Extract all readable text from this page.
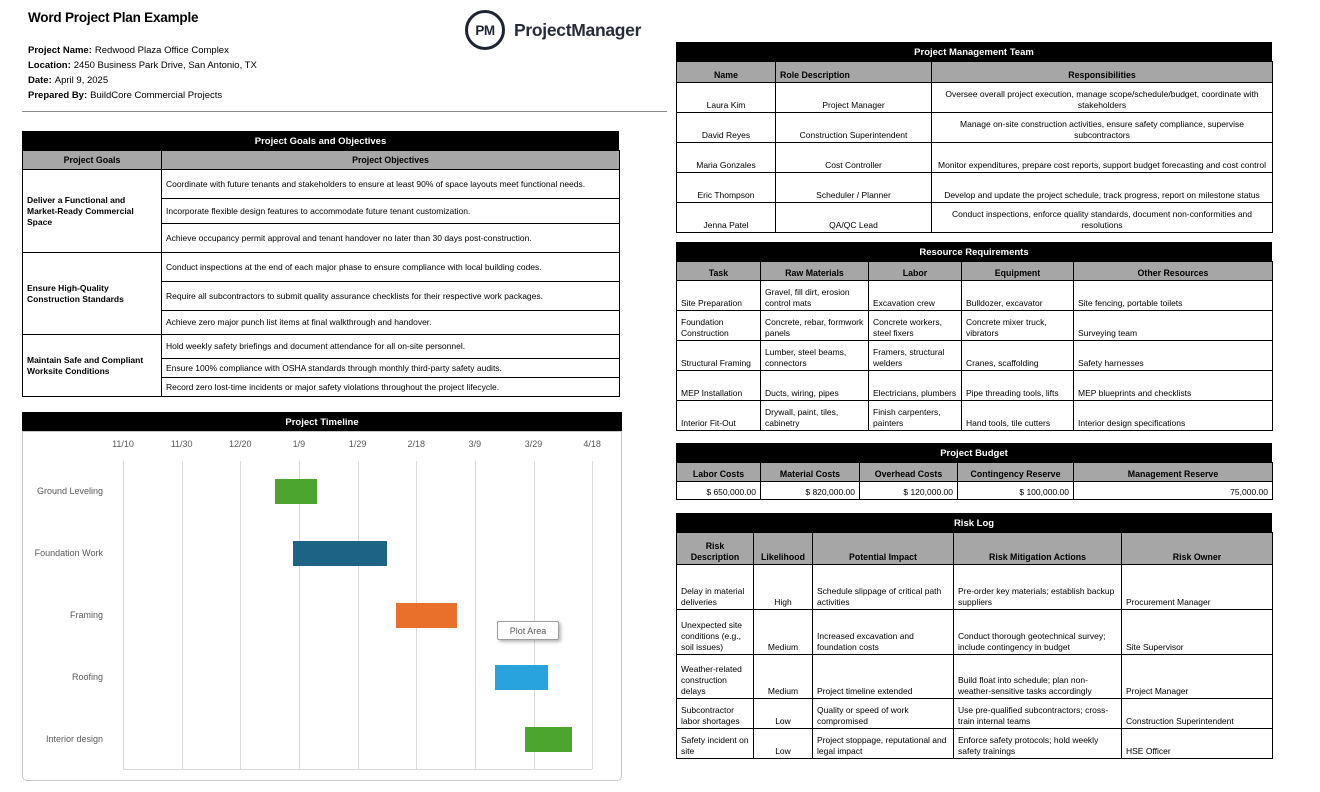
Word Project Plan Example
Project Name: Redwood Plaza Office Complex
Location: 2450 Business Park Drive, San Antonio, TX
Date: April 9, 2025
Prepared By: BuildCore Commercial Projects
PM	ProjectManager
Project Goals and Objectives
Project Goals	Project Objectives
Deliver a Functional and Market-Ready Commercial Space	Coordinate with future tenants and stakeholders to ensure at least 90% of space layouts meet functional needs.
	Incorporate flexible design features to accommodate future tenant customization.
	Achieve occupancy permit approval and tenant handover no later than 30 days post-construction.
Ensure High-Quality Construction Standards	Conduct inspections at the end of each major phase to ensure compliance with local building codes.
	Require all subcontractors to submit quality assurance checklists for their respective work packages.
	Achieve zero major punch list items at final walkthrough and handover.
Maintain Safe and Compliant Worksite Conditions	Hold weekly safety briefings and document attendance for all on-site personnel.
	Ensure 100% compliance with OSHA standards through monthly third-party safety audits.
	Record zero lost-time incidents or major safety violations throughout the project lifecycle.
Project Timeline
11/10	11/30	12/20	1/9	1/29	2/18	3/9	3/29	4/18
Ground Leveling
Foundation Work
Framing
Roofing
Interior design
Plot Area
Project Management Team
Name	Role Description	Responsibilities
Laura Kim	Project Manager	Oversee overall project execution, manage scope/schedule/budget, coordinate with stakeholders
David Reyes	Construction Superintendent	Manage on-site construction activities, ensure safety compliance, supervise subcontractors
Maria Gonzales	Cost Controller	Monitor expenditures, prepare cost reports, support budget forecasting and cost control
Eric Thompson	Scheduler / Planner	Develop and update the project schedule, track progress, report on milestone status
Jenna Patel	QA/QC Lead	Conduct inspections, enforce quality standards, document non-conformities and resolutions
Resource Requirements
Task	Raw Materials	Labor	Equipment	Other Resources
Site Preparation	Gravel, fill dirt, erosion control mats	Excavation crew	Bulldozer, excavator	Site fencing, portable toilets
Foundation Construction	Concrete, rebar, formwork panels	Concrete workers, steel fixers	Concrete mixer truck, vibrators	Surveying team
Structural Framing	Lumber, steel beams, connectors	Framers, structural welders	Cranes, scaffolding	Safety harnesses
MEP Installation	Ducts, wiring, pipes	Electricians, plumbers	Pipe threading tools, lifts	MEP blueprints and checklists
Interior Fit-Out	Drywall, paint, tiles, cabinetry	Finish carpenters, painters	Hand tools, tile cutters	Interior design specifications
Project Budget
Labor Costs	Material Costs	Overhead Costs	Contingency Reserve	Management Reserve
$ 650,000.00	$ 820,000.00	$ 120,000.00	$ 100,000.00	75,000.00
Risk Log
Risk Description	Likelihood	Potential Impact	Risk Mitigation Actions	Risk Owner
Delay in material deliveries	High	Schedule slippage of critical path activities	Pre-order key materials; establish backup suppliers	Procurement Manager
Unexpected site conditions (e.g., soil issues)	Medium	Increased excavation and foundation costs	Conduct thorough geotechnical survey; include contingency in budget	Site Supervisor
Weather-related construction delays	Medium	Project timeline extended	Build float into schedule; plan non-weather-sensitive tasks accordingly	Project Manager
Subcontractor labor shortages	Low	Quality or speed of work compromised	Use pre-qualified subcontractors; cross-train internal teams	Construction Superintendent
Safety incident on site	Low	Project stoppage, reputational and legal impact	Enforce safety protocols; hold weekly safety trainings	HSE Officer
